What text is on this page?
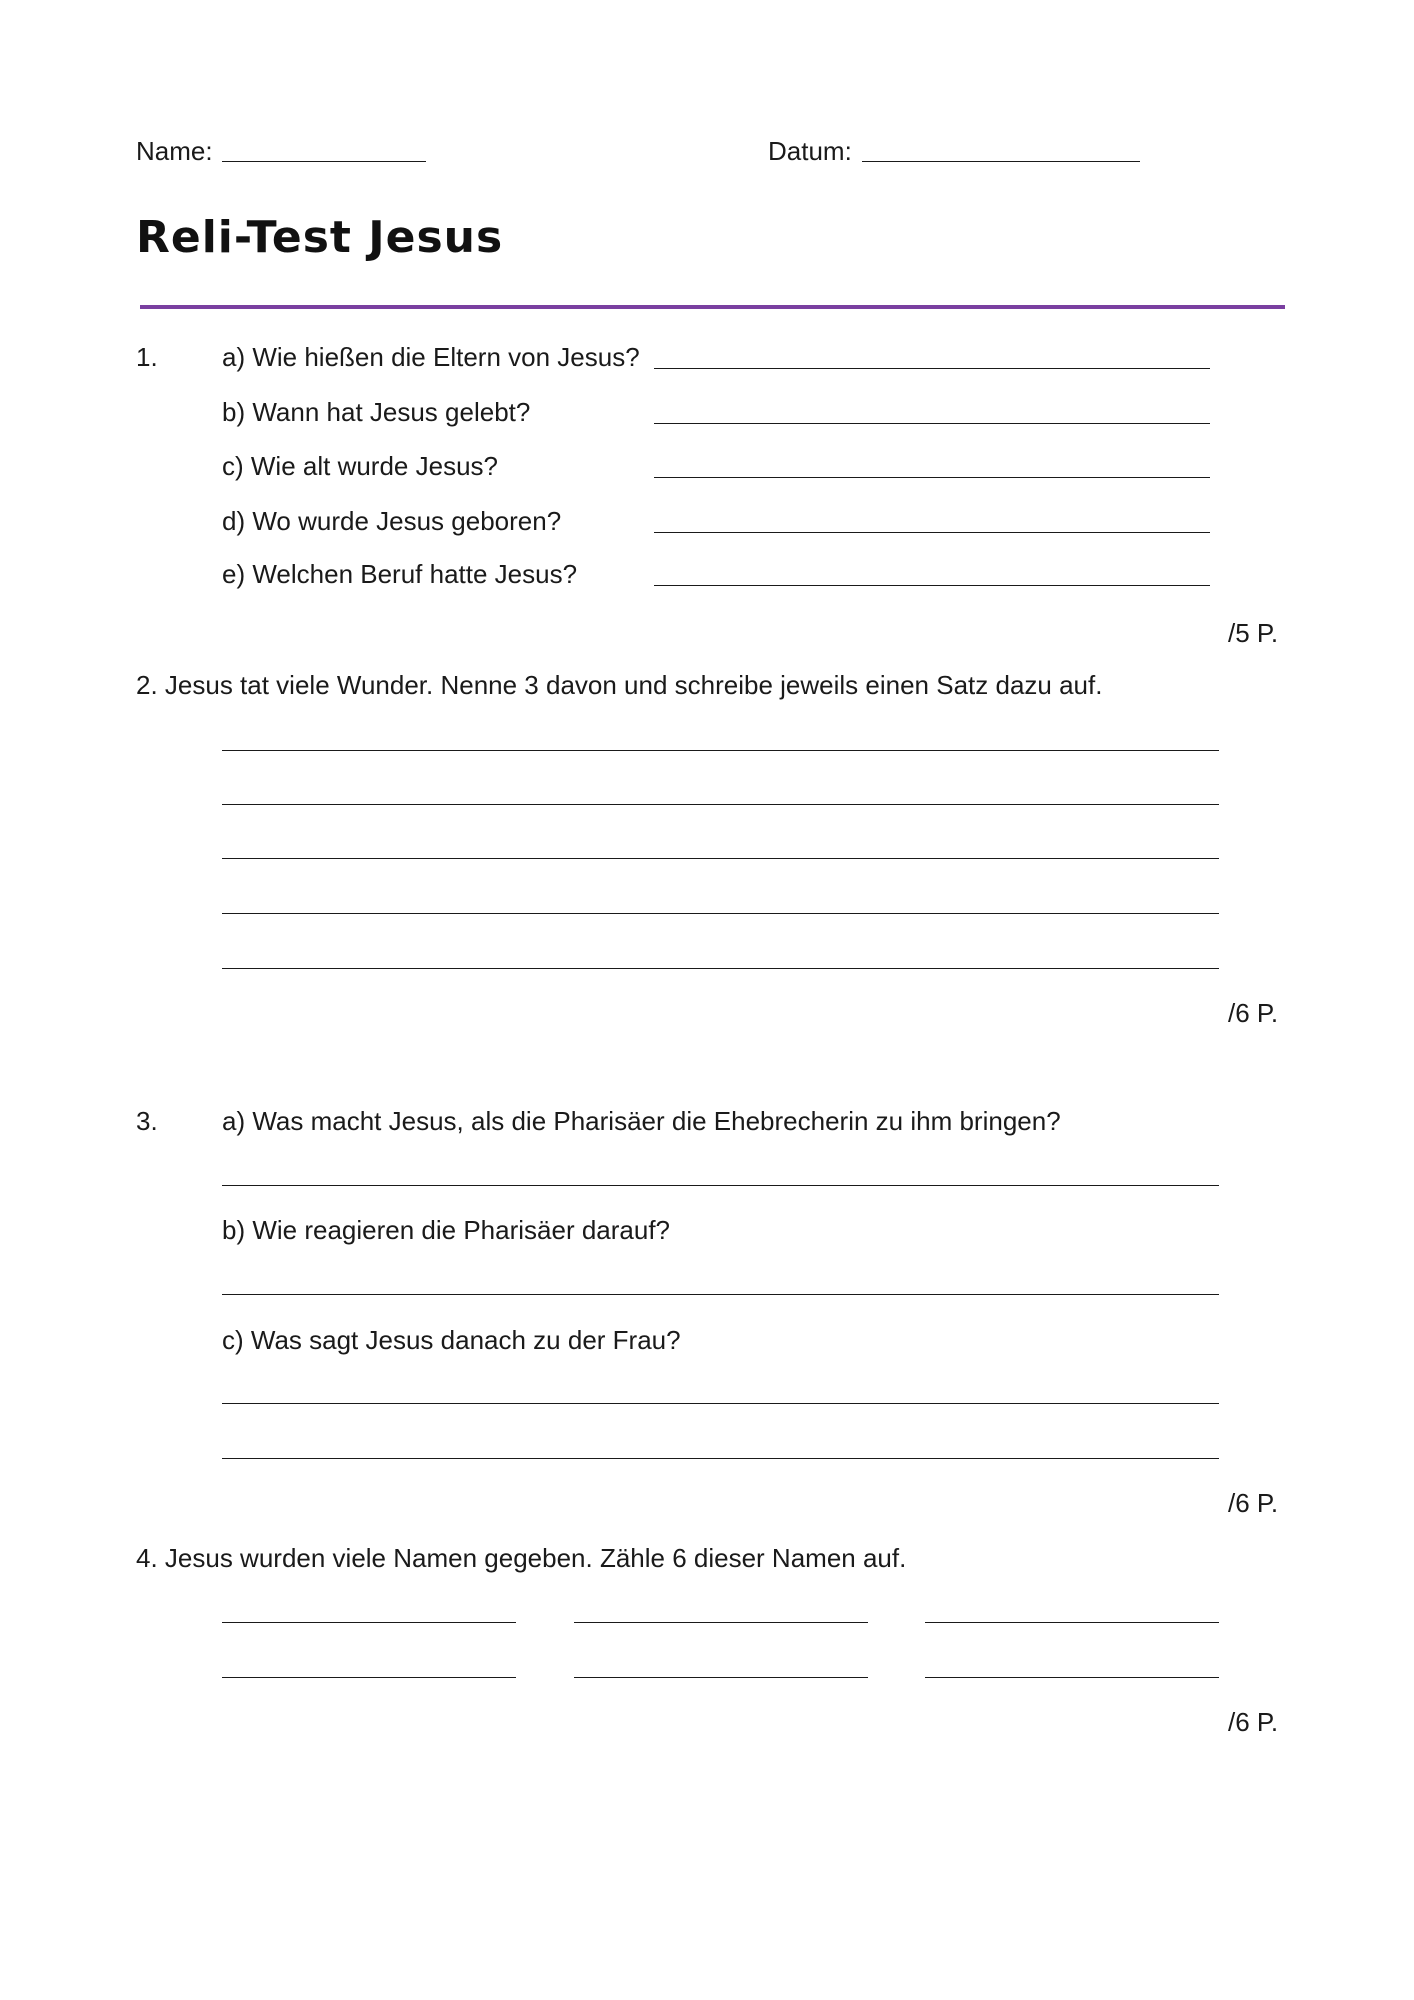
Name:	Datum:
Reli-Test Jesus
1. a) Wie hießen die Eltern von Jesus?
b) Wann hat Jesus gelebt?
c) Wie alt wurde Jesus?
d) Wo wurde Jesus geboren?
e) Welchen Beruf hatte Jesus?
/5 P.
2. Jesus tat viele Wunder. Nenne 3 davon und schreibe jeweils einen Satz dazu auf.
/6 P.
3. a) Was macht Jesus, als die Pharisäer die Ehebrecherin zu ihm bringen?
b) Wie reagieren die Pharisäer darauf?
c) Was sagt Jesus danach zu der Frau?
/6 P.
4. Jesus wurden viele Namen gegeben. Zähle 6 dieser Namen auf.
/6 P.
